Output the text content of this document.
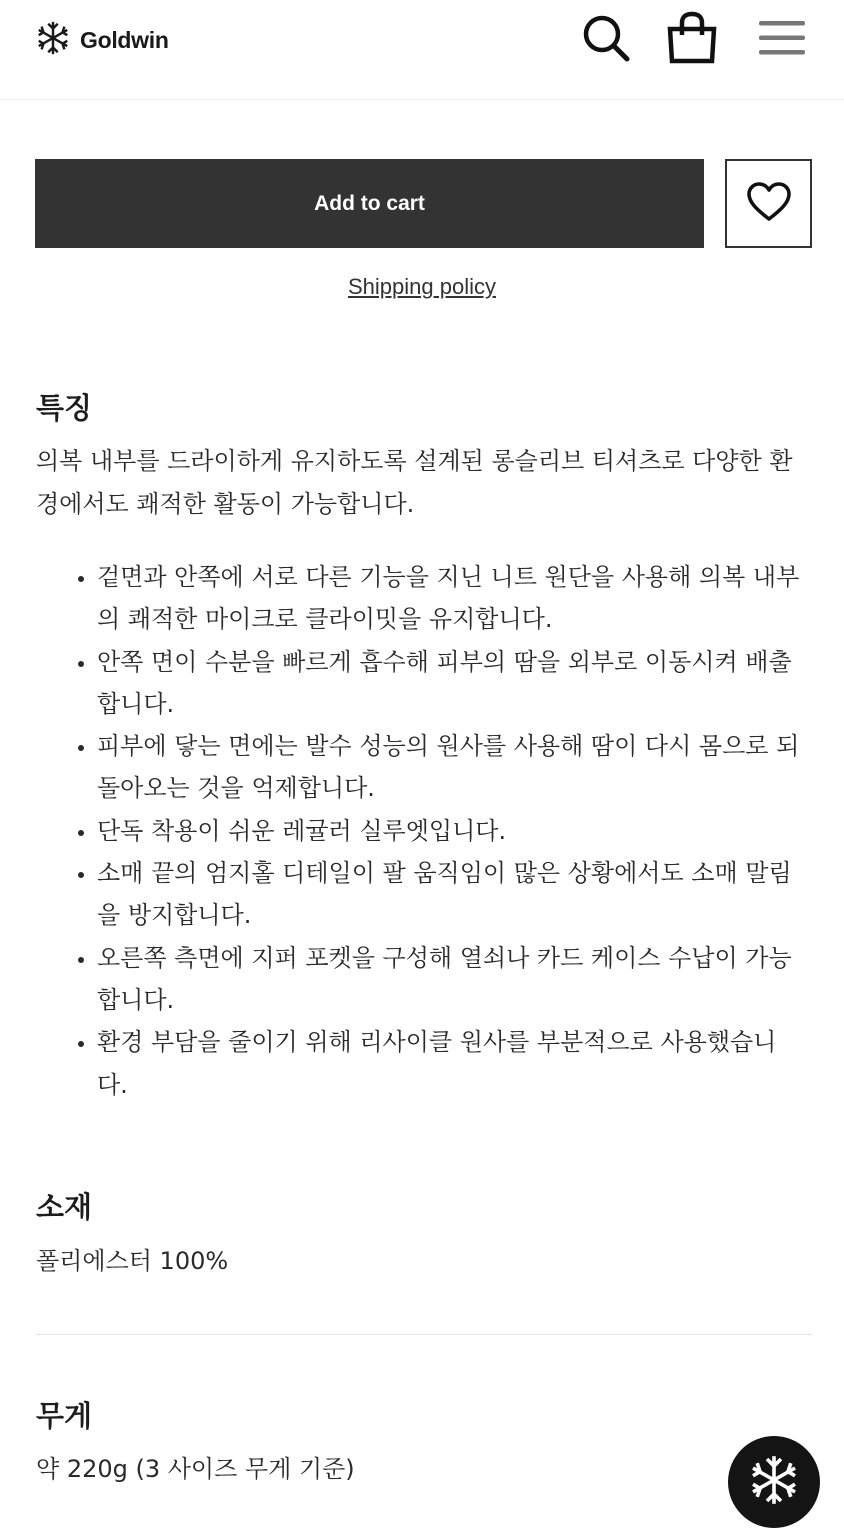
Goldwin
Add to cart
Shipping policy
특징

의복 내부를 드라이하게 유지하도록 설계된 롱슬리브 티셔츠로 다양한 환경에서도 쾌적한 활동이 가능합니다.

• 겉면과 안쪽에 서로 다른 기능을 지닌 니트 원단을 사용해 의복 내부의 쾌적한 마이크로 클라이밋을 유지합니다.
• 안쪽 면이 수분을 빠르게 흡수해 피부의 땀을 외부로 이동시켜 배출합니다.
• 피부에 닿는 면에는 발수 성능의 원사를 사용해 땀이 다시 몸으로 되돌아오는 것을 억제합니다.
• 단독 착용이 쉬운 레귤러 실루엣입니다.
• 소매 끝의 엄지홀 디테일이 팔 움직임이 많은 상황에서도 소매 말림을 방지합니다.
• 오른쪽 측면에 지퍼 포켓을 구성해 열쇠나 카드 케이스 수납이 가능합니다.
• 환경 부담을 줄이기 위해 리사이클 원사를 부분적으로 사용했습니다.
소재

폴리에스터 100%

무게

약 220g (3 사이즈 무게 기준)
